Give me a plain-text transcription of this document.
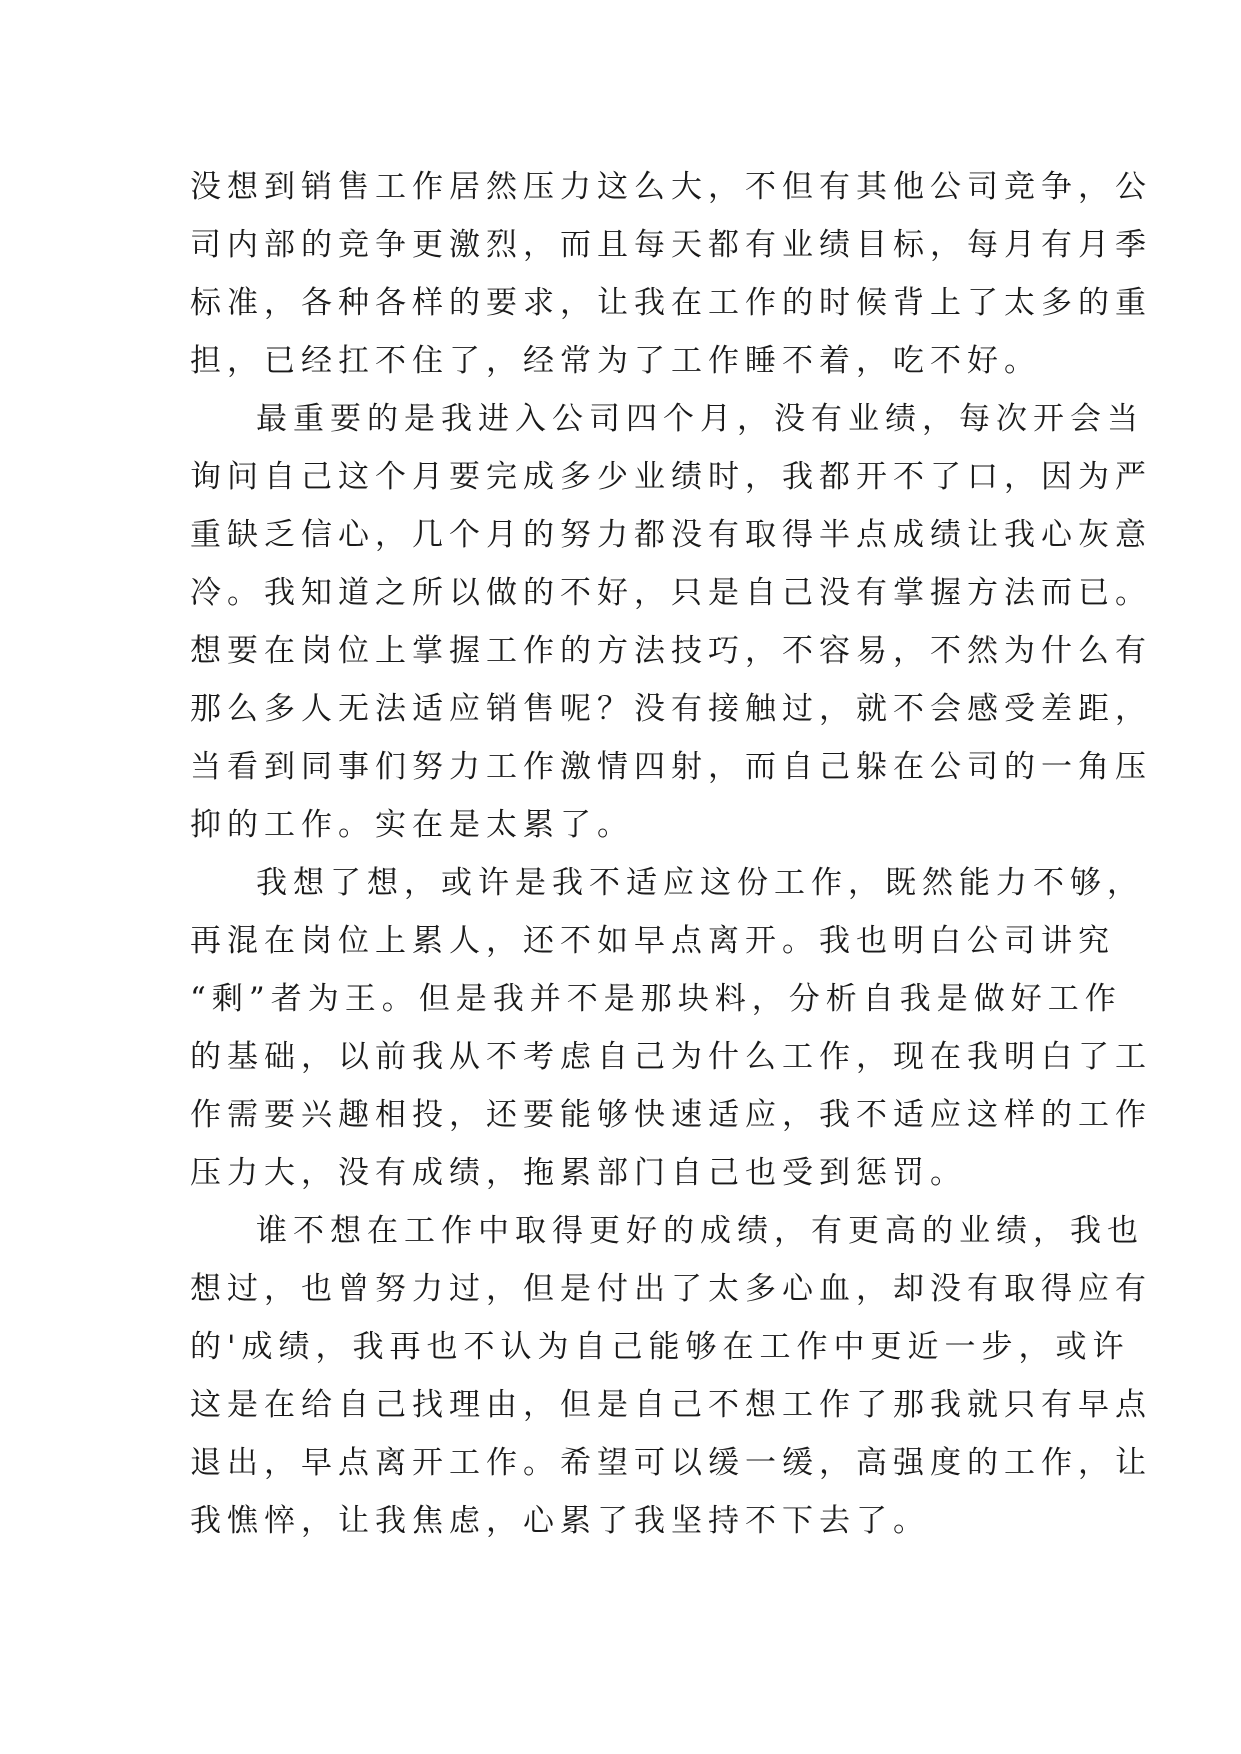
没想到销售工作居然压力这么大，不但有其他公司竞争，公
司内部的竞争更激烈，而且每天都有业绩目标，每月有月季
标准，各种各样的要求，让我在工作的时候背上了太多的重
担，已经扛不住了，经常为了工作睡不着，吃不好。
最重要的是我进入公司四个月，没有业绩，每次开会当
询问自己这个月要完成多少业绩时，我都开不了口，因为严
重缺乏信心，几个月的努力都没有取得半点成绩让我心灰意
冷。我知道之所以做的不好，只是自己没有掌握方法而已。
想要在岗位上掌握工作的方法技巧，不容易，不然为什么有
那么多人无法适应销售呢？没有接触过，就不会感受差距，
当看到同事们努力工作激情四射，而自己躲在公司的一角压
抑的工作。实在是太累了。
我想了想，或许是我不适应这份工作，既然能力不够，
再混在岗位上累人，还不如早点离开。我也明白公司讲究
“剩”者为王。但是我并不是那块料，分析自我是做好工作
的基础，以前我从不考虑自己为什么工作，现在我明白了工
作需要兴趣相投，还要能够快速适应，我不适应这样的工作
压力大，没有成绩，拖累部门自己也受到惩罚。
谁不想在工作中取得更好的成绩，有更高的业绩，我也
想过，也曾努力过，但是付出了太多心血，却没有取得应有
的'成绩，我再也不认为自己能够在工作中更近一步，或许
这是在给自己找理由，但是自己不想工作了那我就只有早点
退出，早点离开工作。希望可以缓一缓，高强度的工作，让
我憔悴，让我焦虑，心累了我坚持不下去了。
